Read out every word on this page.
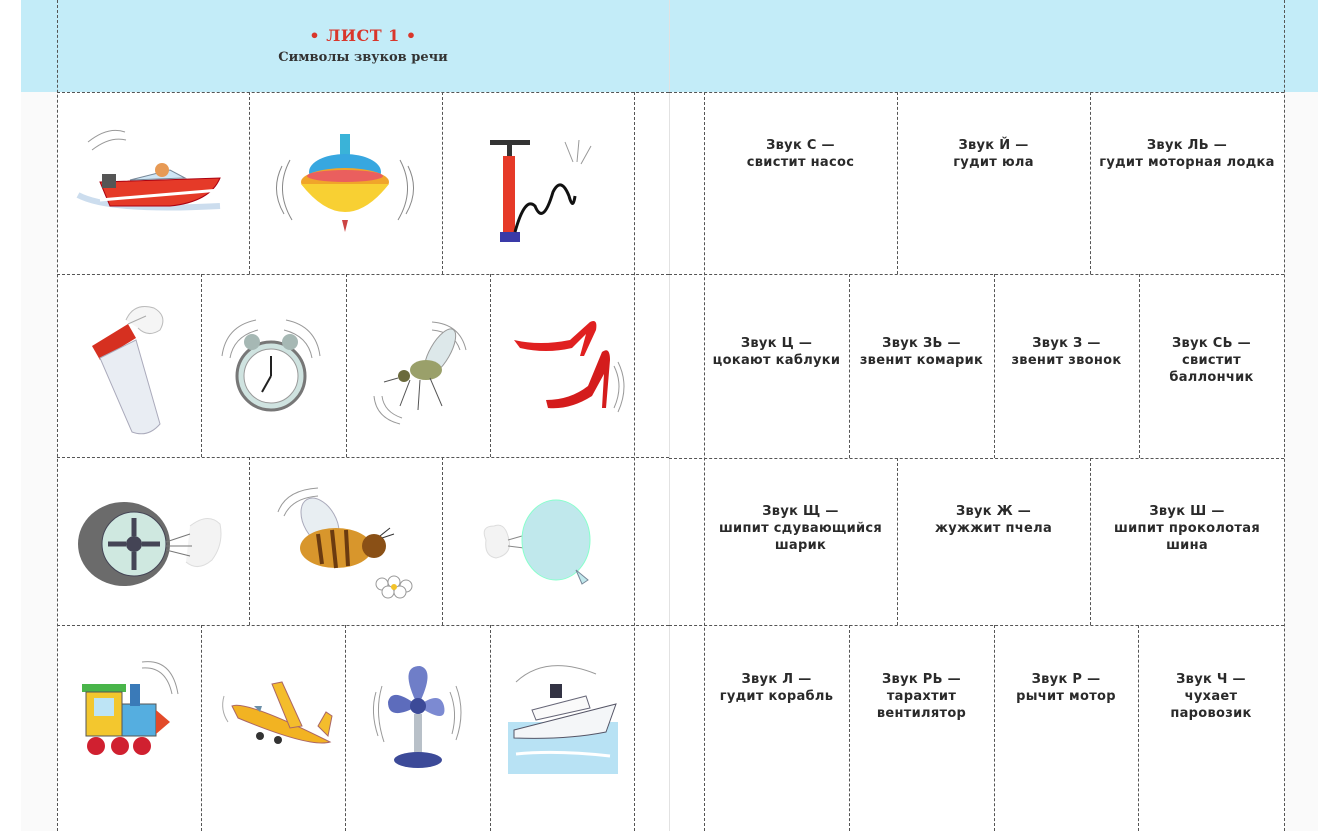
• ЛИСТ 1 •
Символы звуков речи
Звук С —
свистит насос
Звук Й —
гудит юла
Звук ЛЬ —
гудит моторная лодка
Звук Ц —
цокают каблуки
Звук ЗЬ —
звенит комарик
Звук З —
звенит звонок
Звук СЬ —
свистит
баллончик
Звук Щ —
шипит сдувающийся
шарик
Звук Ж —
жужжит пчела
Звук Ш —
шипит проколотая
шина
Звук Л —
гудит корабль
Звук РЬ —
тарахтит
вентилятор
Звук Р —
рычит мотор
Звук Ч —
чухает
паровозик
